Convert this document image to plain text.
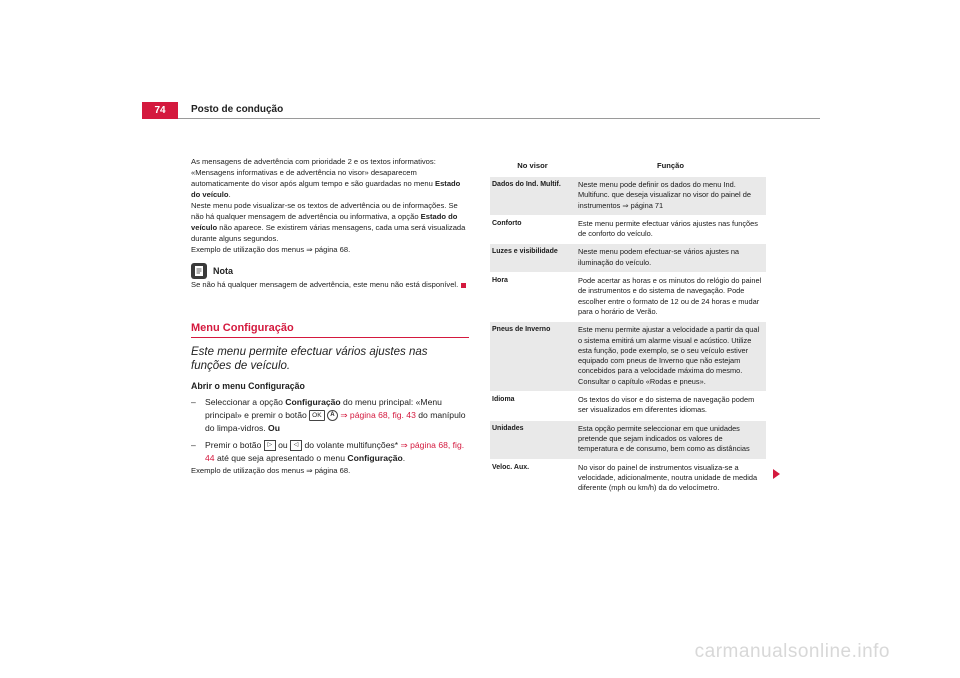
74	Posto de condução

As mensagens de advertência com prioridade 2 e os textos informativos: «Mensagens informativas e de advertência no visor» desaparecem automaticamente do visor após algum tempo e são guardadas no menu Estado do veículo.

Neste menu pode visualizar-se os textos de advertência ou de informações. Se não há qualquer mensagem de advertência ou informativa, a opção Estado do veículo não aparece. Se existirem várias mensagens, cada uma será visualizada durante alguns segundos.

Exemplo de utilização dos menus ⇒ página 68.

Nota

Se não há qualquer mensagem de advertência, este menu não está disponível.

Menu Configuração
Este menu permite efectuar vários ajustes nas funções de veículo.
Abrir o menu Configuração
–	Seleccionar a opção Configuração do menu principal: «Menu principal» e premir o botão OK A ⇒ página 68, fig. 43 do manípulo do limpa-vidros. Ou
–	Premir o botão ▷ ou ◁ do volante multifunções* ⇒ página 68, fig. 44 até que seja apresentado o menu Configuração.

Exemplo de utilização dos menus ⇒ página 68.

No visor	Função
Dados do Ind. Multif.	Neste menu pode definir os dados do menu Ind. Multifunc. que deseja visualizar no visor do painel de instrumentos ⇒ página 71
Conforto	Este menu permite efectuar vários ajustes nas funções de conforto do veículo.
Luzes e visibilidade	Neste menu podem efectuar-se vários ajustes na iluminação do veículo.
Hora	Pode acertar as horas e os minutos do relógio do painel de instrumentos e do sistema de navegação. Pode escolher entre o formato de 12 ou de 24 horas e mudar para o horário de Verão.
Pneus de Inverno	Este menu permite ajustar a velocidade a partir da qual o sistema emitirá um alarme visual e acústico. Utilize esta função, pode exemplo, se o seu veículo estiver equipado com pneus de Inverno que não estejam concebidos para a velocidade máxima do mesmo. Consultar o capítulo «Rodas e pneus».
Idioma	Os textos do visor e do sistema de navegação podem ser visualizados em diferentes idiomas.
Unidades	Esta opção permite seleccionar em que unidades pretende que sejam indicados os valores de temperatura e de consumo, bem como as distâncias
Veloc. Aux.	No visor do painel de instrumentos visualiza-se a velocidade, adicionalmente, noutra unidade de medida diferente (mph ou km/h) da do velocímetro.
carmanualsonline.info
